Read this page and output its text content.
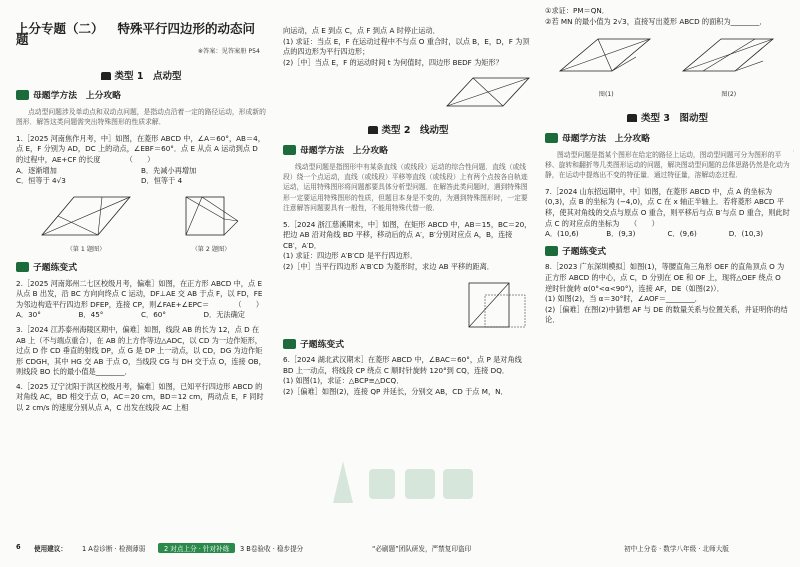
上分专题（二） 特殊平行四边形的动态问题
※答案：见答案册 P54
类型 1　点动型
母题学方法　上分攻略

点动型问题涉及单动点和双动点问题，是指动点沿着一定的路径运动，形成新的图形．解答这类问题需突出特殊图形的性质求解．

1.［2025 河南焦作月考，中］如图，在菱形 ABCD 中，∠A＝60°，AB＝4，点 E，F 分别为 AD，DC 上的动点，∠EBF＝60°．点 E 从点 A 运动到点 D 的过程中，AE+CF 的长度　　　　（　　）

A．逐渐增加	B．先减小再增加
C．恒等于 4√3	D．恒等于 4
（第 1 题图）	（第 2 题图）
子题练变式

2.［2025 河南郑州二七区校级月考，偏难］如图，在正方形 ABCD 中，点 E 从点 B 出发，沿 BC 方向向终点 C 运动，DF⊥AE 交 AB 于点 F，以 FD，FE 为邻边构造平行四边形 DFEP，连接 CP，则∠FAE+∠EPC＝　　　　（　　）

A．30°	B．45°	C．60°	D．无法确定

3.［2024 江苏泰州海陵区期中，偏难］如图，线段 AB 的长为 12，点 D 在 AB 上（不与端点重合），在 AB 的上方作等边△ADC，以 CD 为一边作矩形，过点 D 作 CD 垂直的射线 DP，点 G 是 DP 上一动点，以 CD，DG 为边作矩形 CDGH，其中 HG 交 AB 于点 O，当线段 CG 与 DH 交于点 O，连接 OB，则线段 BO 长的最小值是________．

4.［2025 辽宁沈阳于洪区校级月考，偏难］如图，已知平行四边形 ABCD 的对角线 AC，BD 相交于点 O，AC＝20 cm，BD＝12 cm，两动点 E，F 同时以 2 cm/s 的速度分别从点 A，C 出发在线段 AC 上相

向运动，点 E 到点 C，点 F 到点 A 时停止运动．

(1) 求证：当点 E，F 在运动过程中不与点 O 重合时，以点 B，E，D，F 为顶点的四边形为平行四边形；

(2)［中］当点 E，F 的运动时间 t 为何值时，四边形 BEDF 为矩形？

类型 2　线动型
母题学方法　上分攻略

线动型问题是指图形中有某条直线（或线段）运动的综合性问题．直线（或线段）绕一个点运动，直线（或线段）平移等直线（或线段）上有两个点按各自轨迹运动，运用特殊图形将问题都要具体分析型问题．在解答此类问题时，遇到特殊图形一定要运用特殊图形的性质，但题目本身是不变的，为遇到特殊图形时，一定要注意解答问题要具有一般性，不能用特殊代替一般．

5.［2024 浙江慈溪期末，中］如图，在矩形 ABCD 中，AB＝15，BC＝20，把边 AB 沿对角线 BD 平移，移动后的点 A′，B′分别对应点 A，B，连接 CB′，A′D．

(1) 求证：四边形 A′B′CD 是平行四边形．

(2)［中］当平行四边形 A′B′CD 为菱形时，求边 AB 平移的距离．

子题练变式

6.［2024 湖北武汉期末］在菱形 ABCD 中，∠BAC＝60°，点 P 是对角线 BD 上一动点，将线段 CP 绕点 C 顺时针旋转 120°到 CQ，连接 DQ．

(1) 如图(1)，求证：△BCP≌△DCQ．

(2)［偏难］如图(2)，连接 QP 并延长，分别交 AB，CD 于点 M，N．

①求证：PM＝QN．

②若 MN 的最小值为 2√3，直接写出菱形 ABCD 的面积为________．

图(1)	图(2)
类型 3　图动型
母题学方法　上分攻略

图动型问题是指某个图形在给定的路径上运动，图动型问题可分为图形的平移、旋转和翻折等几类图形运动的问题，解决图动型问题的总体思路仍然是化动为静，在运动中提炼出不变的特征量．通过特征量，溶解动态过程．

7.［2024 山东招远期中，中］如图，在菱形 ABCD 中，点 A 的坐标为 (0,3)，点 B 的坐标为 (−4,0)，点 C 在 x 轴正半轴上．若将菱形 ABCD 平移，使其对角线的交点与原点 O 重合，则平移后与点 B′与点 D 重合，则此时点 C 的对应点的坐标为　　（　　）

A．(10,6)	B．(9,3)	C．(9,6)	D．(10,3)
子题练变式

8.［2023 广东深圳模拟］如图(1)，等腰直角三角形 OEF 的直角顶点 O 为正方形 ABCD 的中心，点 C，D 分别在 OE 和 OF 上，现将△OEF 绕点 O 逆时针旋转 α(0°<α<90°)，连接 AF，DE（如图(2)）．

(1) 如图(2)，当 α＝30°时，∠AOF＝________．

(2)［偏难］在图(2)中猜想 AF 与 DE 的数量关系与位置关系，并证明你的结论．

·
6 使用建议： 1 A卷诊断 · 检测薄弱	2 对点上分 · 针对补练	3 B卷验收 · 稳步提分	“必刷题”团队研发，严禁复印盗印	初中上分卷 · 数学八年级 · 北师大版
